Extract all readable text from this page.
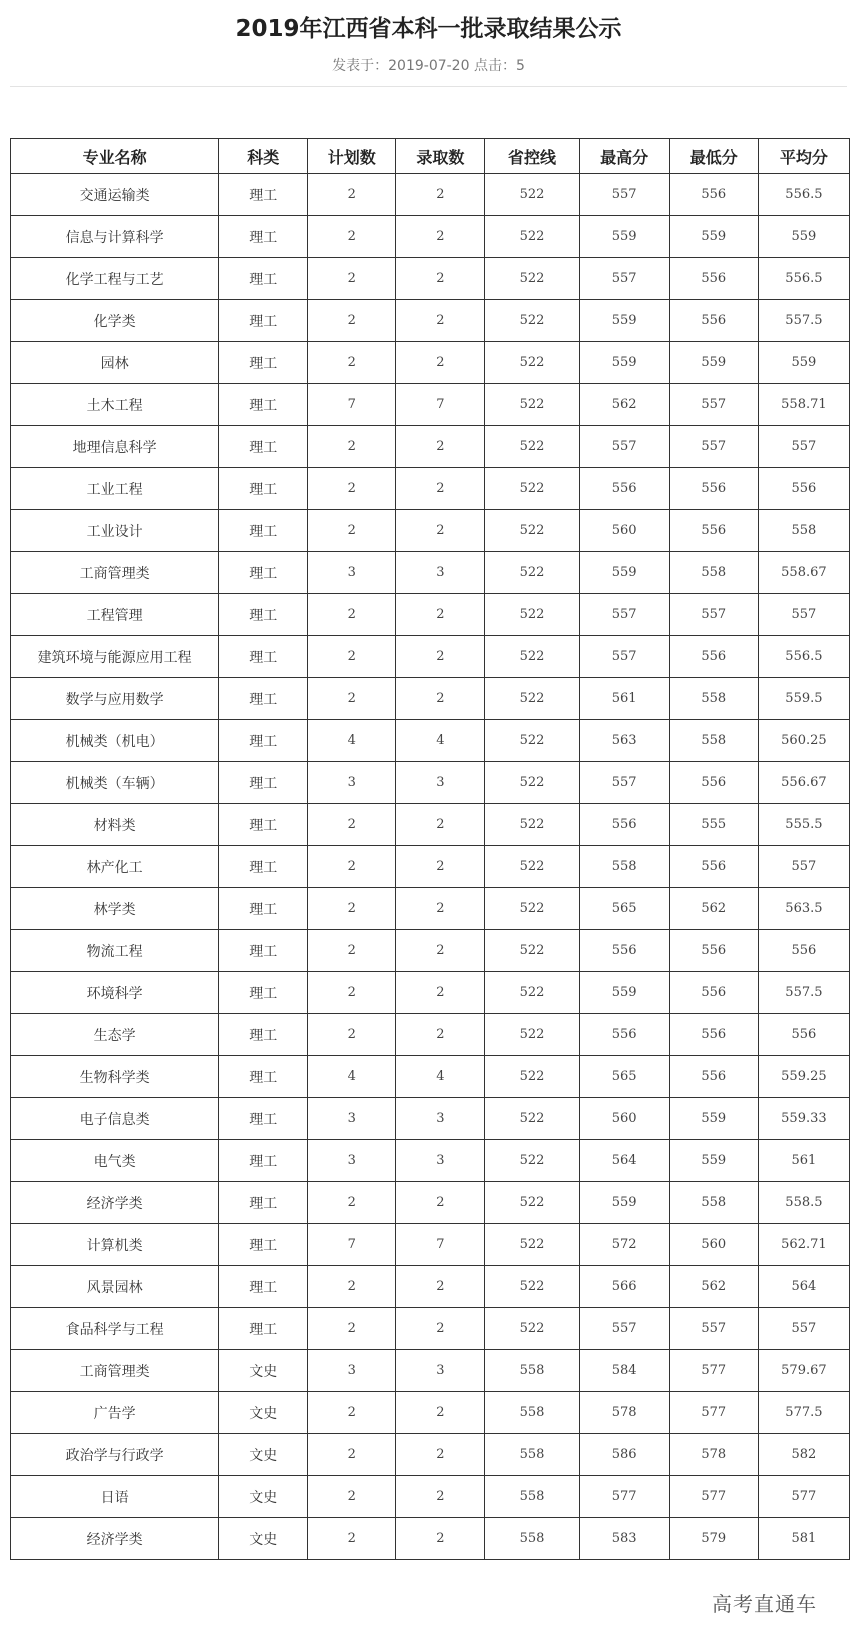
2019年江西省本科一批录取结果公示
发表于：2019-07-20 点击：5
专业名称	科类	计划数	录取数	省控线	最高分	最低分	平均分
交通运输类	理工	2	2	522	557	556	556.5
信息与计算科学	理工	2	2	522	559	559	559
化学工程与工艺	理工	2	2	522	557	556	556.5
化学类	理工	2	2	522	559	556	557.5
园林	理工	2	2	522	559	559	559
土木工程	理工	7	7	522	562	557	558.71
地理信息科学	理工	2	2	522	557	557	557
工业工程	理工	2	2	522	556	556	556
工业设计	理工	2	2	522	560	556	558
工商管理类	理工	3	3	522	559	558	558.67
工程管理	理工	2	2	522	557	557	557
建筑环境与能源应用工程	理工	2	2	522	557	556	556.5
数学与应用数学	理工	2	2	522	561	558	559.5
机械类（机电）	理工	4	4	522	563	558	560.25
机械类（车辆）	理工	3	3	522	557	556	556.67
材料类	理工	2	2	522	556	555	555.5
林产化工	理工	2	2	522	558	556	557
林学类	理工	2	2	522	565	562	563.5
物流工程	理工	2	2	522	556	556	556
环境科学	理工	2	2	522	559	556	557.5
生态学	理工	2	2	522	556	556	556
生物科学类	理工	4	4	522	565	556	559.25
电子信息类	理工	3	3	522	560	559	559.33
电气类	理工	3	3	522	564	559	561
经济学类	理工	2	2	522	559	558	558.5
计算机类	理工	7	7	522	572	560	562.71
风景园林	理工	2	2	522	566	562	564
食品科学与工程	理工	2	2	522	557	557	557
工商管理类	文史	3	3	558	584	577	579.67
广告学	文史	2	2	558	578	577	577.5
政治学与行政学	文史	2	2	558	586	578	582
日语	文史	2	2	558	577	577	577
经济学类	文史	2	2	558	583	579	581
高考直通车
